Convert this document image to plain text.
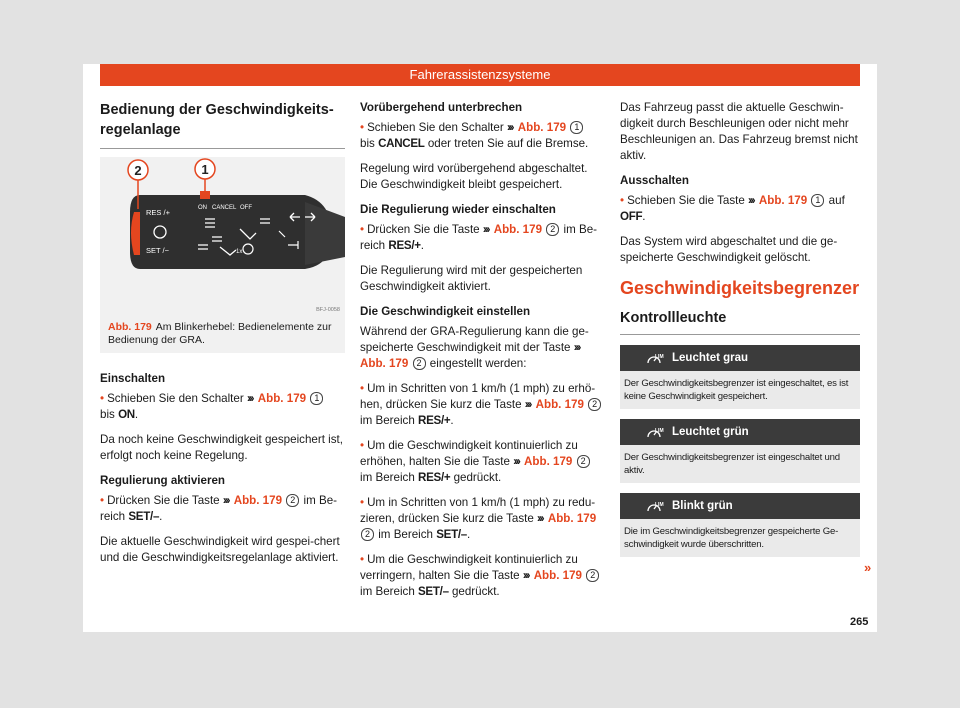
Fahrerassistenzsysteme
Bedienung der Geschwindigkeits-
regelanlage
2	1
RES /+
SET /−
ON CANCEL OFF
1x
BFJ-0058
Abb. 179 Am Blinkerhebel: Bedienelemente zur Bedienung der GRA.

Einschalten

• Schieben Sie den Schalter ››› Abb. 179 1
bis ON.

Da noch keine Geschwindigkeit gespeichert ist, erfolgt noch keine Regelung.

Regulierung aktivieren

• Drücken Sie die Taste ››› Abb. 179 2 im Be-reich SET/–.

Die aktuelle Geschwindigkeit wird gespei-chert und die Geschwindigkeitsregelanlage aktiviert.

Vorübergehend unterbrechen

• Schieben Sie den Schalter ››› Abb. 179 1
bis CANCEL oder treten Sie auf die Bremse.

Regelung wird vorübergehend abgeschaltet. Die Geschwindigkeit bleibt gespeichert.

Die Regulierung wieder einschalten

• Drücken Sie die Taste ››› Abb. 179 2 im Be-reich RES/+.

Die Regulierung wird mit der gespeicherten Geschwindigkeit aktiviert.

Die Geschwindigkeit einstellen

Während der GRA-Regulierung kann die ge-speicherte Geschwindigkeit mit der Taste ››› Abb. 179 2 eingestellt werden:

• Um in Schritten von 1 km/h (1 mph) zu erhö-hen, drücken Sie kurz die Taste ››› Abb. 179 2 im Bereich RES/+.

• Um die Geschwindigkeit kontinuierlich zu erhöhen, halten Sie die Taste ››› Abb. 179 2 im Bereich RES/+ gedrückt.

• Um in Schritten von 1 km/h (1 mph) zu redu-zieren, drücken Sie kurz die Taste ››› Abb. 179 2 im Bereich SET/–.

• Um die Geschwindigkeit kontinuierlich zu verringern, halten Sie die Taste ››› Abb. 179 2 im Bereich SET/– gedrückt.

Das Fahrzeug passt die aktuelle Geschwin-digkeit durch Beschleunigen oder nicht mehr Beschleunigen an. Das Fahrzeug bremst nicht aktiv.

Ausschalten

• Schieben Sie die Taste ››› Abb. 179 1 auf
OFF.

Das System wird abgeschaltet und die ge-speicherte Geschwindigkeit gelöscht.

Geschwindigkeitsbegrenzer
Kontrollleuchte
LIM Leuchtet grau
Der Geschwindigkeitsbegrenzer ist eingeschaltet, es ist keine Geschwindigkeit gespeichert.
LIM Leuchtet grün
Der Geschwindigkeitsbegrenzer ist eingeschaltet und aktiv.
LIM Blinkt grün
Die im Geschwindigkeitsbegrenzer gespeicherte Ge-schwindigkeit wurde überschritten.
»
265
